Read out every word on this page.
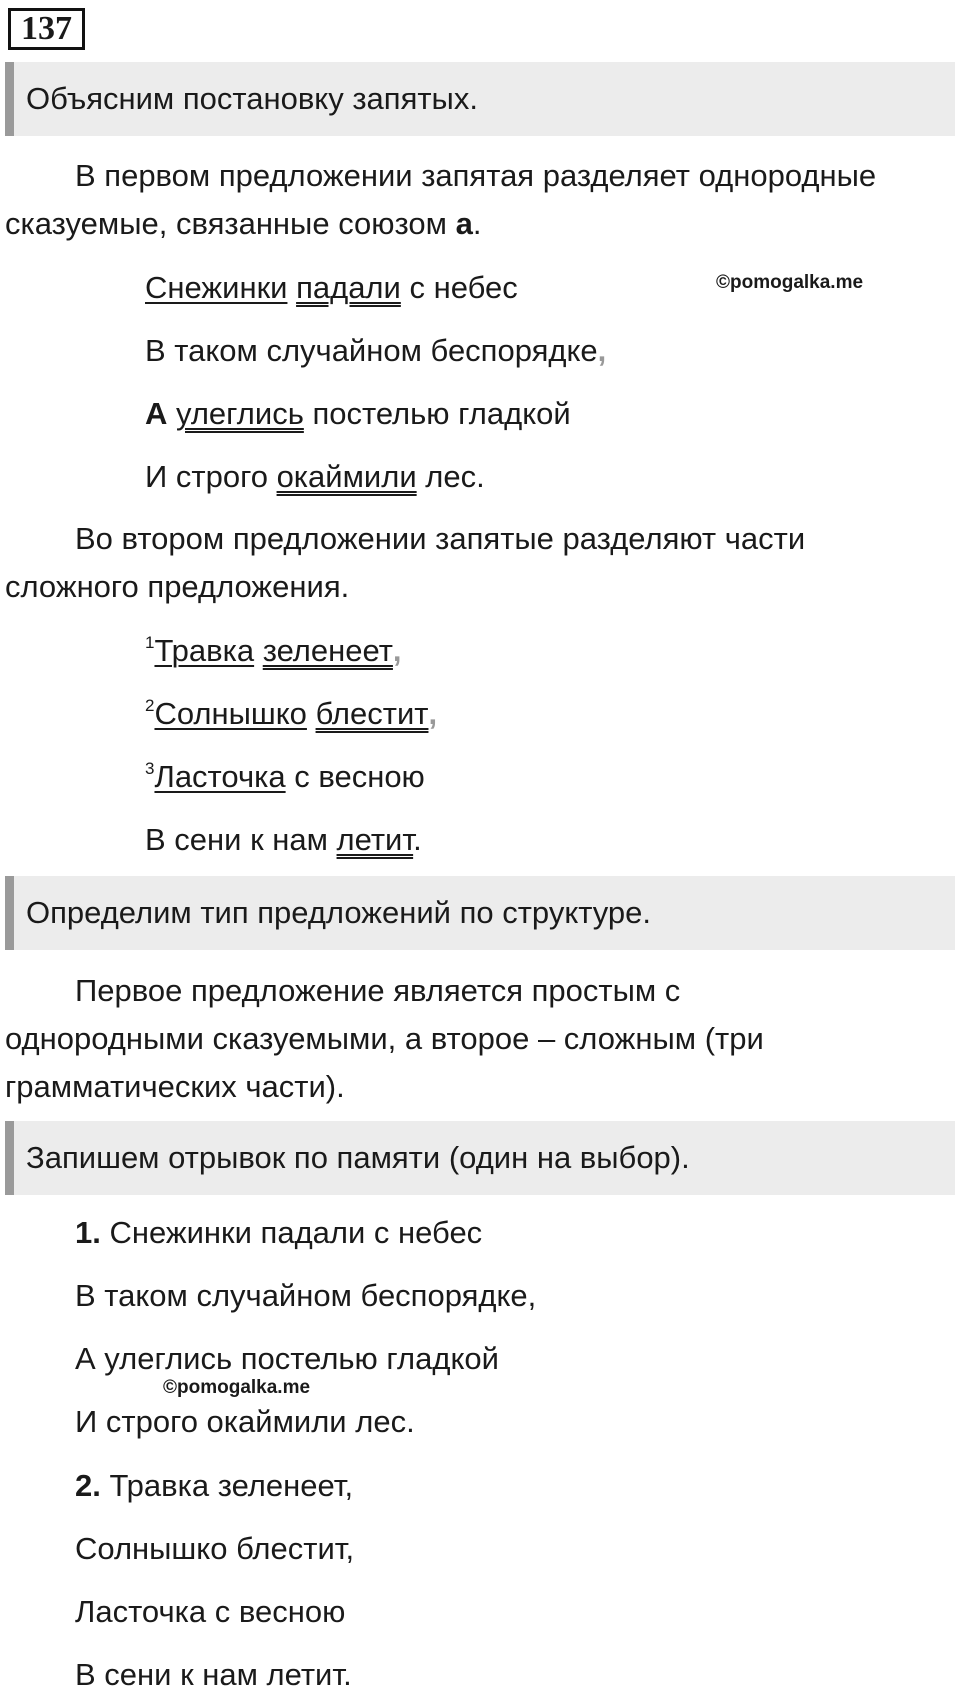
137
Объясним постановку запятых.
В первом предложении запятая разделяет однородные
сказуемые, связанные союзом а.
©pomogalka.me
Снежинки падали с небес
В таком случайном беспорядке,
А улеглись постелью гладкой
И строго окаймили лес.
Во втором предложении запятые разделяют части
сложного предложения.
$^1$Травка зеленеет,
$^2$Солнышко блестит,
$^3$Ласточка с весною
В сени к нам летит.
Определим тип предложений по структуре.
Первое предложение является простым с
однородными сказуемыми, а второе – сложным (три
грамматических части).
Запишем отрывок по памяти (один на выбор).
1. Снежинки падали с небес
В таком случайном беспорядке,
А улеглись постелью гладкой
©pomogalka.me
И строго окаймили лес.
2. Травка зеленеет,
Солнышко блестит,
Ласточка с весною
В сени к нам летит.
